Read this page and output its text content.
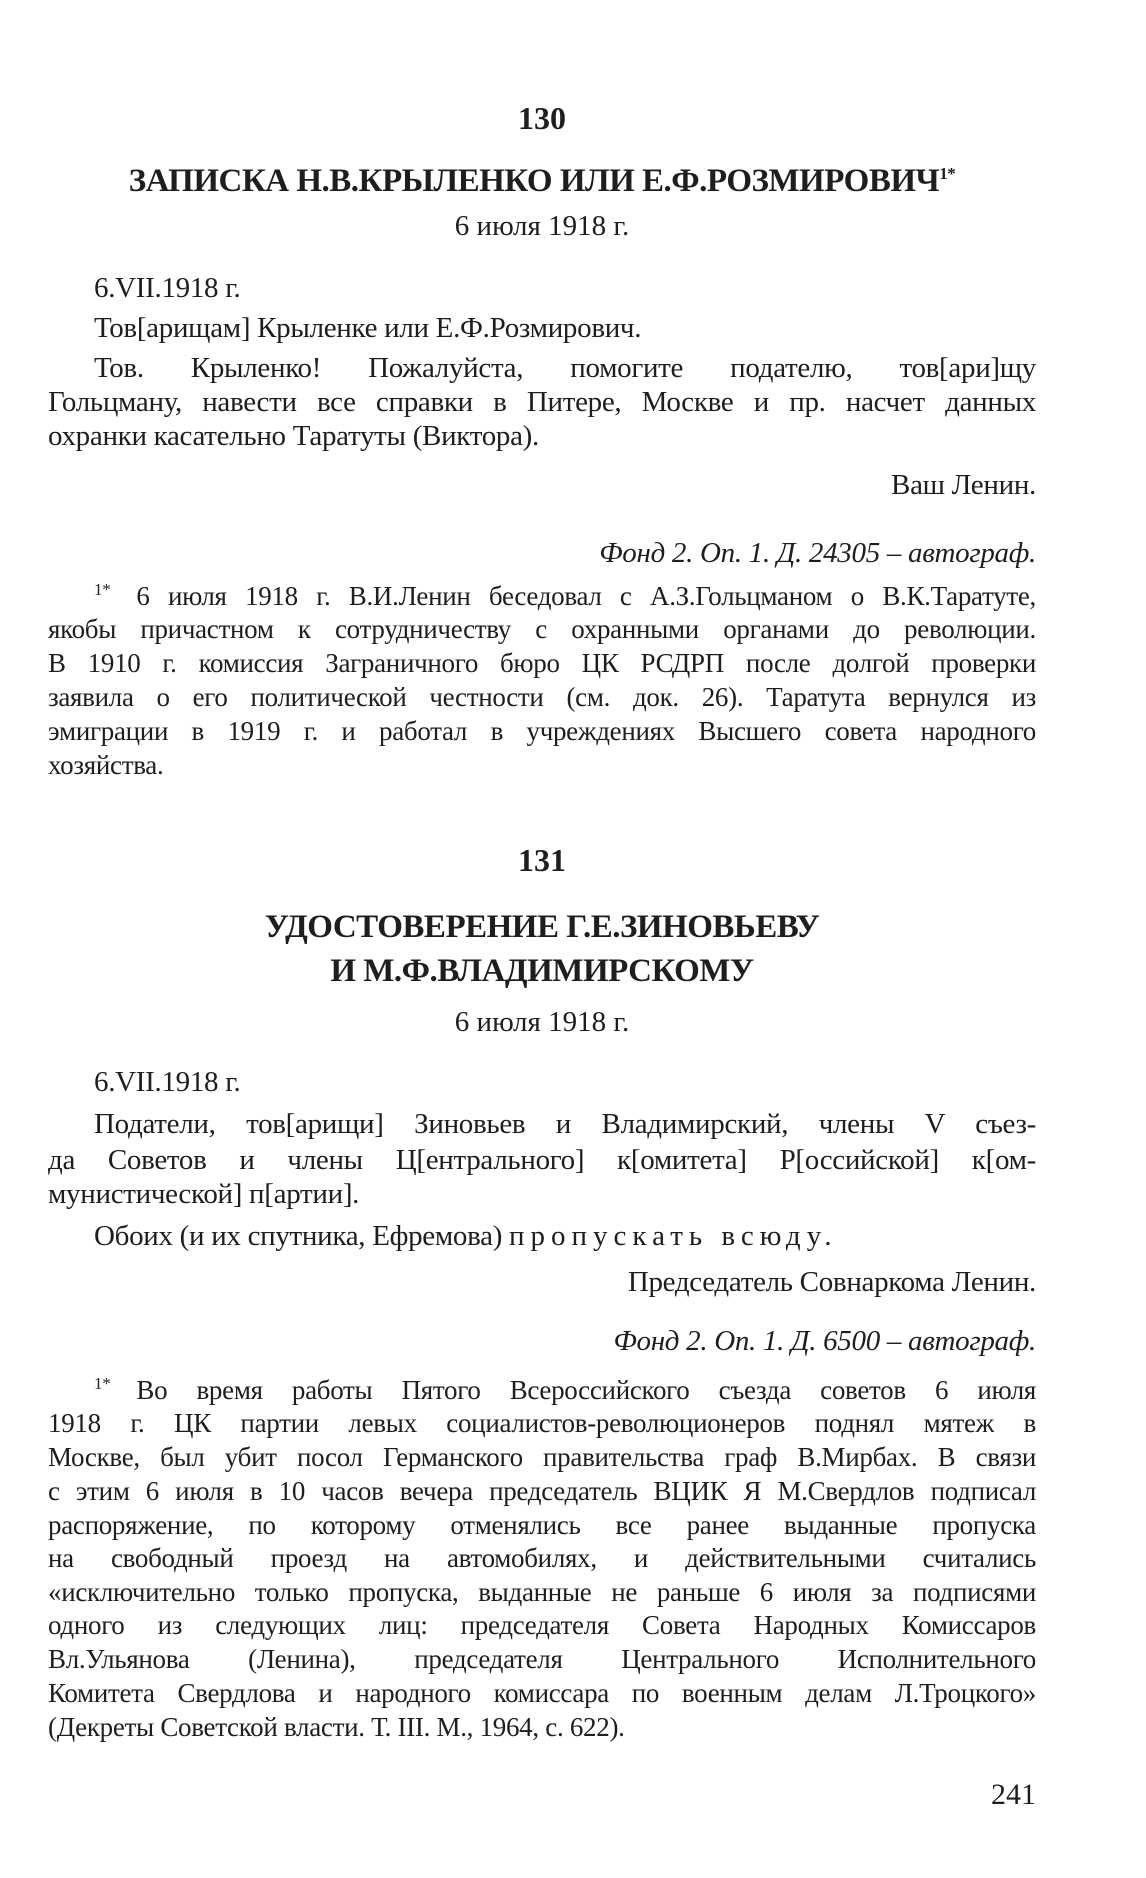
130
ЗАПИСКА Н.В.КРЫЛЕНКО ИЛИ $Е.Ф.РОЗМИРОВИЧ^{1*}$
6 июля 1918 г.
6.VII.1918 г.
Тов[арищам] Крыленке или Е.Ф.Розмирович.
Тов. Крыленко! Пожалуйста, помогите подателю, тов[ари]щу
Гольцману, навести все справки в Питере, Москве и пр. насчет данных
охранки касательно Таратуты (Виктора).
Ваш Ленин.
Фонд 2. Оп. 1. Д. 24305 – автограф.
$^{1*}$ 6 июля 1918 г. В.И.Ленин беседовал с А.З.Гольцманом о В.К.Таратуте,
якобы причастном к сотрудничеству с охранными органами до революции.
В 1910 г. комиссия Заграничного бюро ЦК РСДРП после долгой проверки
заявила о его политической честности (см. док. 26). Таратута вернулся из
эмиграции в 1919 г. и работал в учреждениях Высшего совета народного
хозяйства.
131
УДОСТОВЕРЕНИЕ Г.Е.ЗИНОВЬЕВУ
И М.Ф.ВЛАДИМИРСКОМУ
6 июля 1918 г.
6.VII.1918 г.
Податели, тов[арищи] Зиновьев и Владимирский, члены V съез-
да Советов и члены Ц[ентрального] к[омитета] Р[оссийской] к[ом-
мунистической] п[артии].
Обоих (и их спутника, Ефремова) пропускать всюду.
Председатель Совнаркома Ленин.
Фонд 2. Оп. 1. Д. 6500 – автограф.
$^{1*}$ Во время работы Пятого Всероссийского съезда советов 6 июля
1918 г. ЦК партии левых социалистов-революционеров поднял мятеж в
Москве, был убит посол Германского правительства граф В.Мирбах. В связи
с этим 6 июля в 10 часов вечера председатель ВЦИК Я М.Свердлов подписал
распоряжение, по которому отменялись все ранее выданные пропуска
на свободный проезд на автомобилях, и действительными считались
«исключительно только пропуска, выданные не раньше 6 июля за подписями
одного из следующих лиц: председателя Совета Народных Комиссаров
Вл.Ульянова (Ленина), председателя Центрального Исполнительного
Комитета Свердлова и народного комиссара по военным делам Л.Троцкого»
(Декреты Советской власти. Т. III. М., 1964, с. 622).
241
